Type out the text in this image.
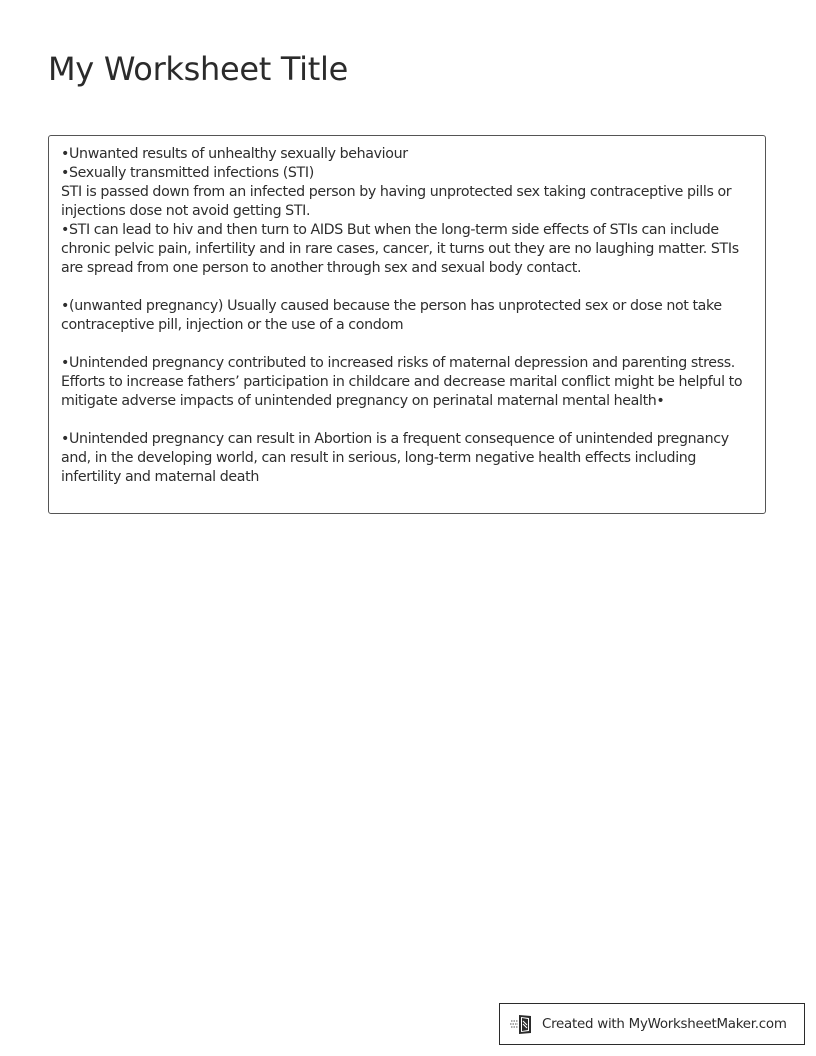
My Worksheet Title

•Unwanted results of unhealthy sexually behaviour

•Sexually transmitted infections (STI)

STI is passed down from an infected person by having unprotected sex taking contraceptive pills or injections dose not avoid getting STI.

•STI can lead to hiv and then turn to AIDS But when the long-term side effects of STIs can include chronic pelvic pain, infertility and in rare cases, cancer, it turns out they are no laughing matter. STIs are spread from one person to another through sex and sexual body contact.

•(unwanted pregnancy) Usually caused because the person has unprotected sex or dose not take contraceptive pill, injection or the use of a condom

•Unintended pregnancy contributed to increased risks of maternal depression and parenting stress. Efforts to increase fathers’ participation in childcare and decrease marital conflict might be helpful to mitigate adverse impacts of unintended pregnancy on perinatal maternal mental health•

•Unintended pregnancy can result in Abortion is a frequent consequence of unintended pregnancy and, in the developing world, can result in serious, long-term negative health effects including infertility and maternal death

Created with MyWorksheetMaker.com
